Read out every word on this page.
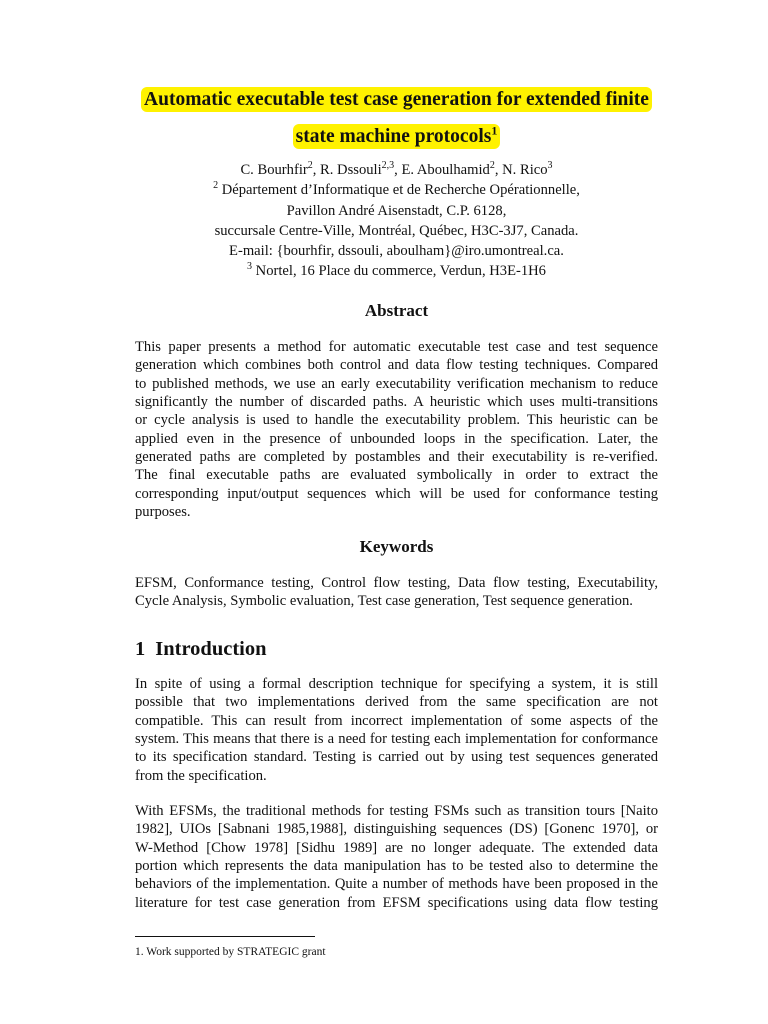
Automatic executable test case generation for extended finite state machine protocols$^1$
C. Bourhfir$^2$, R. Dssouli$^{2,3}$, E. Aboulhamid$^2$, N. Rico$^3$
$^2$ Département d’Informatique et de Recherche Opérationnelle,
Pavillon André Aisenstadt, C.P. 6128,
succursale Centre-Ville, Montréal, Québec, H3C-3J7, Canada.
E-mail: {bourhfir, dssouli, aboulham}@iro.umontreal.ca.
$^3$ Nortel, 16 Place du commerce, Verdun, H3E-1H6
Abstract
This paper presents a method for automatic executable test case and test sequence
generation which combines both control and data flow testing techniques. Compared
to published methods, we use an early executability verification mechanism to reduce
significantly the number of discarded paths. A heuristic which uses multi-transitions
or cycle analysis is used to handle the executability problem. This heuristic can be
applied even in the presence of unbounded loops in the specification. Later, the
generated paths are completed by postambles and their executability is re-verified.
The final executable paths are evaluated symbolically in order to extract the
corresponding input/output sequences which will be used for conformance testing
purposes.
Keywords
EFSM, Conformance testing, Control flow testing, Data flow testing, Executability,
Cycle Analysis, Symbolic evaluation, Test case generation, Test sequence generation.
1 Introduction
In spite of using a formal description technique for specifying a system, it is still
possible that two implementations derived from the same specification are not
compatible. This can result from incorrect implementation of some aspects of the
system. This means that there is a need for testing each implementation for conformance
to its specification standard. Testing is carried out by using test sequences generated
from the specification.
With EFSMs, the traditional methods for testing FSMs such as transition tours [Naito
1982], UIOs [Sabnani 1985,1988], distinguishing sequences (DS) [Gonenc 1970], or
W-Method [Chow 1978] [Sidhu 1989] are no longer adequate. The extended data
portion which represents the data manipulation has to be tested also to determine the
behaviors of the implementation. Quite a number of methods have been proposed in the
literature for test case generation from EFSM specifications using data flow testing
1. Work supported by STRATEGIC grant
